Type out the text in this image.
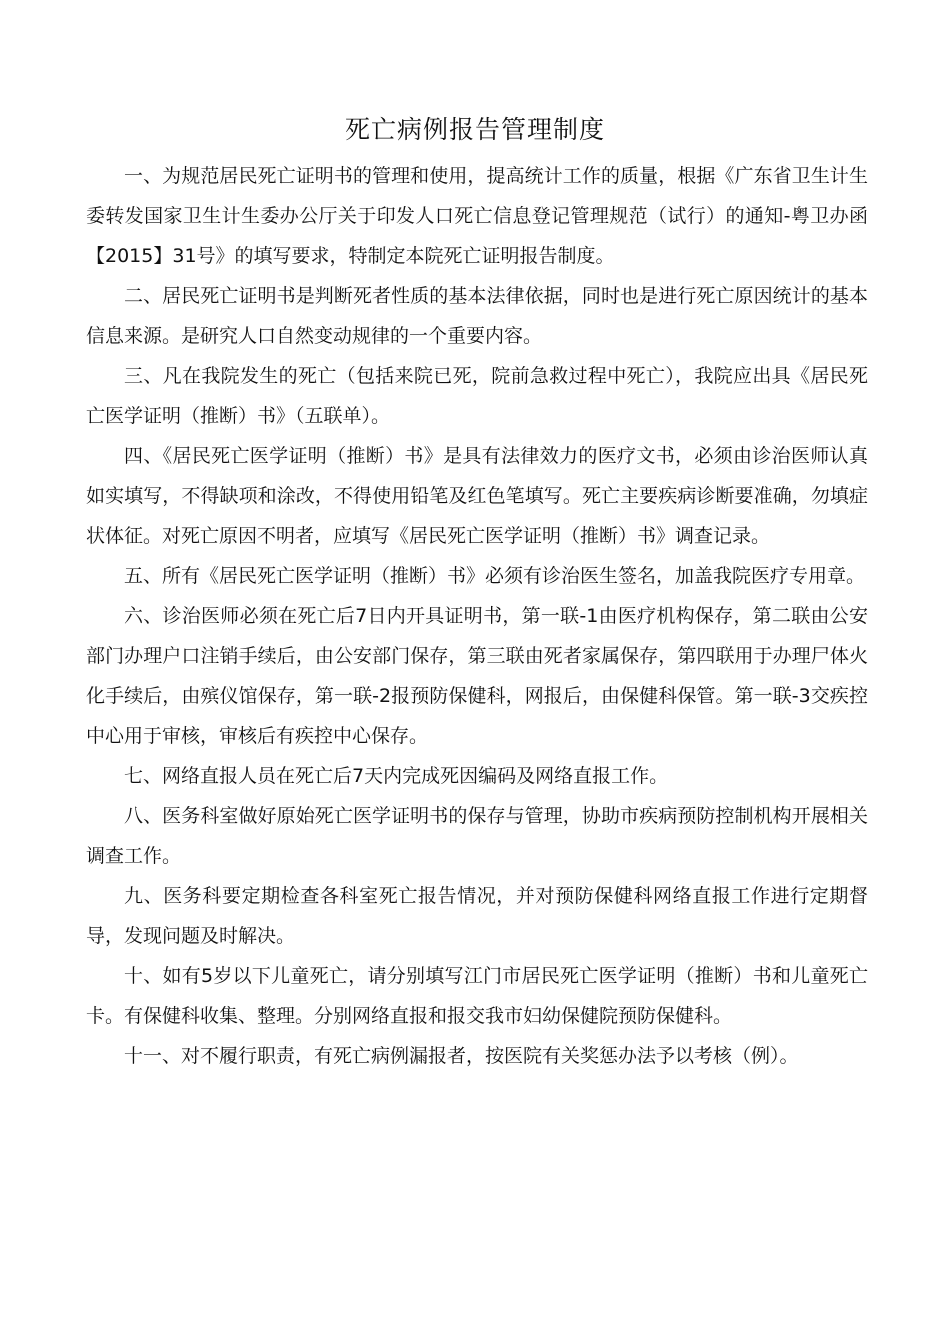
死亡病例报告管理制度

一、为规范居民死亡证明书的管理和使用，提高统计工作的质量，根据《广东省卫生计生委转发国家卫生计生委办公厅关于印发人口死亡信息登记管理规范（试行）的通知-粤卫办函【2015】31号》的填写要求，特制定本院死亡证明报告制度。

二、居民死亡证明书是判断死者性质的基本法律依据，同时也是进行死亡原因统计的基本信息来源。是研究人口自然变动规律的一个重要内容。

三、凡在我院发生的死亡（包括来院已死，院前急救过程中死亡），我院应出具《居民死亡医学证明（推断）书》（五联单）。

四、《居民死亡医学证明（推断）书》是具有法律效力的医疗文书，必须由诊治医师认真如实填写，不得缺项和涂改，不得使用铅笔及红色笔填写。死亡主要疾病诊断要准确，勿填症状体征。对死亡原因不明者，应填写《居民死亡医学证明（推断）书》调查记录。

五、所有《居民死亡医学证明（推断）书》必须有诊治医生签名，加盖我院医疗专用章。

六、诊治医师必须在死亡后7日内开具证明书，第一联-1由医疗机构保存，第二联由公安部门办理户口注销手续后，由公安部门保存，第三联由死者家属保存，第四联用于办理尸体火化手续后，由殡仪馆保存，第一联-2报预防保健科，网报后，由保健科保管。第一联-3交疾控中心用于审核，审核后有疾控中心保存。

七、网络直报人员在死亡后7天内完成死因编码及网络直报工作。

八、医务科室做好原始死亡医学证明书的保存与管理，协助市疾病预防控制机构开展相关调查工作。

九、医务科要定期检查各科室死亡报告情况，并对预防保健科网络直报工作进行定期督导，发现问题及时解决。

十、如有5岁以下儿童死亡，请分别填写江门市居民死亡医学证明（推断）书和儿童死亡卡。有保健科收集、整理。分别网络直报和报交我市妇幼保健院预防保健科。

十一、对不履行职责，有死亡病例漏报者，按医院有关奖惩办法予以考核（例）。
